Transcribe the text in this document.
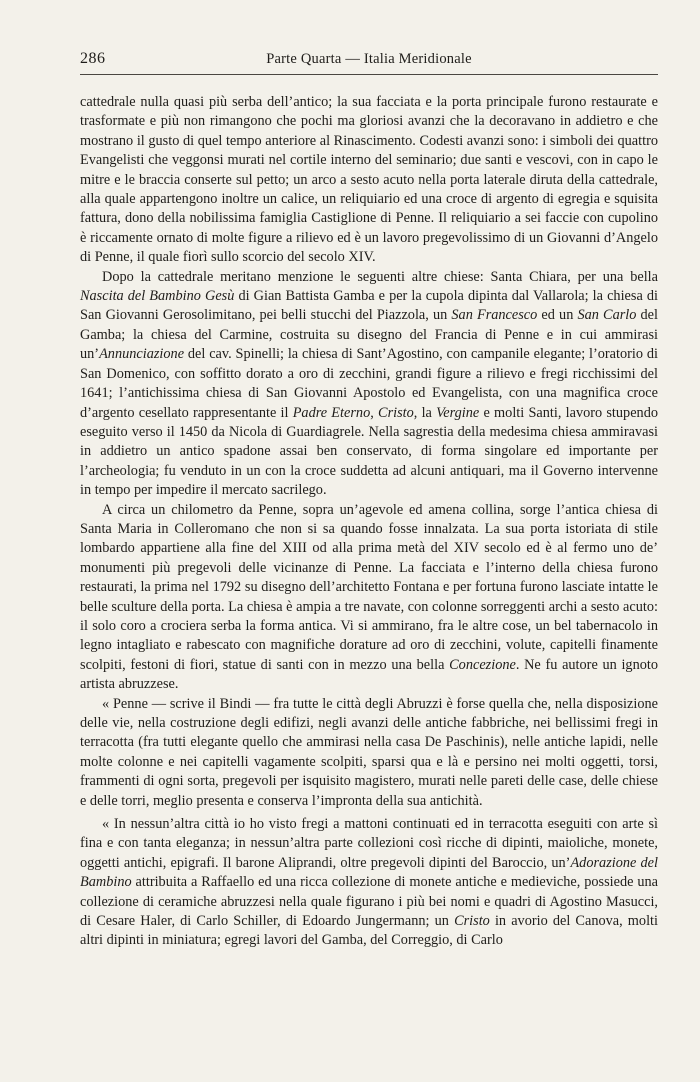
286	Parte Quarta — Italia Meridionale

cattedrale nulla quasi più serba dell’antico; la sua facciata e la porta principale furono restaurate e trasformate e più non rimangono che pochi ma gloriosi avanzi che la decoravano in addietro e che mostrano il gusto di quel tempo anteriore al Rinascimento. Codesti avanzi sono: i simboli dei quattro Evangelisti che veggonsi murati nel cortile interno del seminario; due santi e vescovi, con in capo le mitre e le braccia conserte sul petto; un arco a sesto acuto nella porta laterale diruta della cattedrale, alla quale appartengono inoltre un calice, un reliquiario ed una croce di argento di egregia e squisita fattura, dono della nobilissima famiglia Castiglione di Penne. Il reliquiario a sei faccie con cupolino è riccamente ornato di molte figure a rilievo ed è un lavoro pregevolissimo di un Giovanni d’Angelo di Penne, il quale fiorì sullo scorcio del secolo XIV.

Dopo la cattedrale meritano menzione le seguenti altre chiese: Santa Chiara, per una bella Nascita del Bambino Gesù di Gian Battista Gamba e per la cupola dipinta dal Vallarola; la chiesa di San Giovanni Gerosolimitano, pei belli stucchi del Piazzola, un San Francesco ed un San Carlo del Gamba; la chiesa del Carmine, costruita su disegno del Francia di Penne e in cui ammirasi un’Annunciazione del cav. Spinelli; la chiesa di Sant’Agostino, con campanile elegante; l’oratorio di San Domenico, con soffitto dorato a oro di zecchini, grandi figure a rilievo e fregi ricchissimi del 1641; l’antichissima chiesa di San Giovanni Apostolo ed Evangelista, con una magnifica croce d’argento cesellato rappresentante il Padre Eterno, Cristo, la Vergine e molti Santi, lavoro stupendo eseguito verso il 1450 da Nicola di Guardiagrele. Nella sagrestia della medesima chiesa ammiravasi in addietro un antico spadone assai ben conservato, di forma singolare ed importante per l’archeologia; fu venduto in un con la croce suddetta ad alcuni antiquari, ma il Governo intervenne in tempo per impedire il mercato sacrilego.

A circa un chilometro da Penne, sopra un’agevole ed amena collina, sorge l’antica chiesa di Santa Maria in Colleromano che non si sa quando fosse innalzata. La sua porta istoriata di stile lombardo appartiene alla fine del XIII od alla prima metà del XIV secolo ed è al fermo uno de’ monumenti più pregevoli delle vicinanze di Penne. La facciata e l’interno della chiesa furono restaurati, la prima nel 1792 su disegno dell’architetto Fontana e per fortuna furono lasciate intatte le belle sculture della porta. La chiesa è ampia a tre navate, con colonne sorreggenti archi a sesto acuto: il solo coro a crociera serba la forma antica. Vi si ammirano, fra le altre cose, un bel tabernacolo in legno intagliato e rabescato con magnifiche dorature ad oro di zecchini, volute, capitelli finamente scolpiti, festoni di fiori, statue di santi con in mezzo una bella Concezione. Ne fu autore un ignoto artista abruzzese.

« Penne — scrive il Bindi — fra tutte le città degli Abruzzi è forse quella che, nella disposizione delle vie, nella costruzione degli edifizi, negli avanzi delle antiche fabbriche, nei bellissimi fregi in terracotta (fra tutti elegante quello che ammirasi nella casa De Paschinis), nelle antiche lapidi, nelle molte colonne e nei capitelli vagamente scolpiti, sparsi qua e là e persino nei molti oggetti, torsi, frammenti di ogni sorta, pregevoli per isquisito magistero, murati nelle pareti delle case, delle chiese e delle torri, meglio presenta e conserva l’impronta della sua antichità.

« In nessun’altra città io ho visto fregi a mattoni continuati ed in terracotta eseguiti con arte sì fina e con tanta eleganza; in nessun’altra parte collezioni così ricche di dipinti, maioliche, monete, oggetti antichi, epigrafi. Il barone Aliprandi, oltre pregevoli dipinti del Baroccio, un’Adorazione del Bambino attribuita a Raffaello ed una ricca collezione di monete antiche e medieviche, possiede una collezione di ceramiche abruzzesi nella quale figurano i più bei nomi e quadri di Agostino Masucci, di Cesare Haler, di Carlo Schiller, di Edoardo Jungermann; un Cristo in avorio del Canova, molti altri dipinti in miniatura; egregi lavori del Gamba, del Correggio, di Carlo
